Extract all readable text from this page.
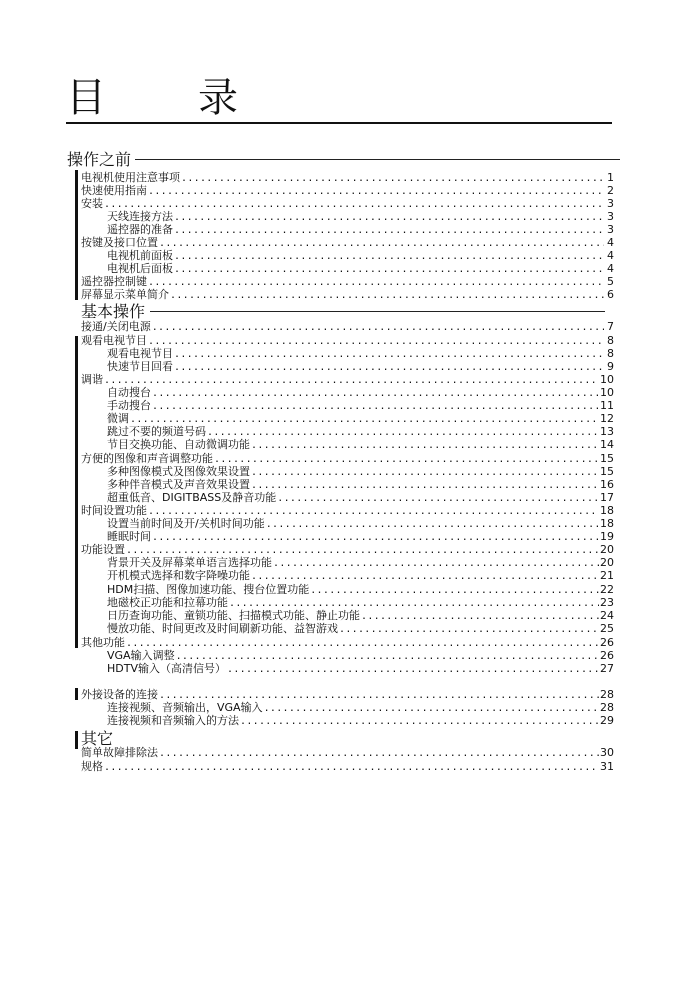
目 录
操作之前
基本操作
其它
电视机使用注意事项 .....	1
快速使用指南 .....	2
安装 .....	3
天线连接方法 .....	3
遥控器的准备 .....	3
按键及接口位置 .....	4
电视机前面板 .....	4
电视机后面板 .....	4
遥控器控制键 .....	5
屏幕显示菜单简介 .....	6
接通/关闭电源 .....	7
观看电视节目 .....	8
观看电视节目 .....	8
快速节目回看 .....	9
调谐 .....	10
自动搜台 .....	10
手动搜台 .....	11
微调 .....	12
跳过不要的频道号码 .....	13
节目交换功能、自动微调功能 .....	14
方便的图像和声音调整功能 .....	15
多种图像模式及图像效果设置 .....	15
多种伴音模式及声音效果设置 .....	16
超重低音、DIGITBASS及静音功能 .....	17
时间设置功能 .....	18
设置当前时间及开/关机时间功能 .....	18
睡眠时间 .....	19
功能设置 .....	20
背景开关及屏幕菜单语言选择功能 .....	20
开机模式选择和数字降噪功能 .....	21
HDM扫描、图像加速功能、搜台位置功能 .....	22
地磁校正功能和拉幕功能 .....	23
日历查询功能、童锁功能、扫描模式功能、静止功能 .....	24
慢放功能、时间更改及时间刷新功能、益智游戏 .....	25
其他功能 .....	26
VGA输入调整 .....	26
HDTV输入（高清信号） .....	27
外接设备的连接 .....	28
连接视频、音频输出，VGA输入 .....	28
连接视频和音频输入的方法 .....	29
简单故障排除法 .....	30
规格 .....	31
